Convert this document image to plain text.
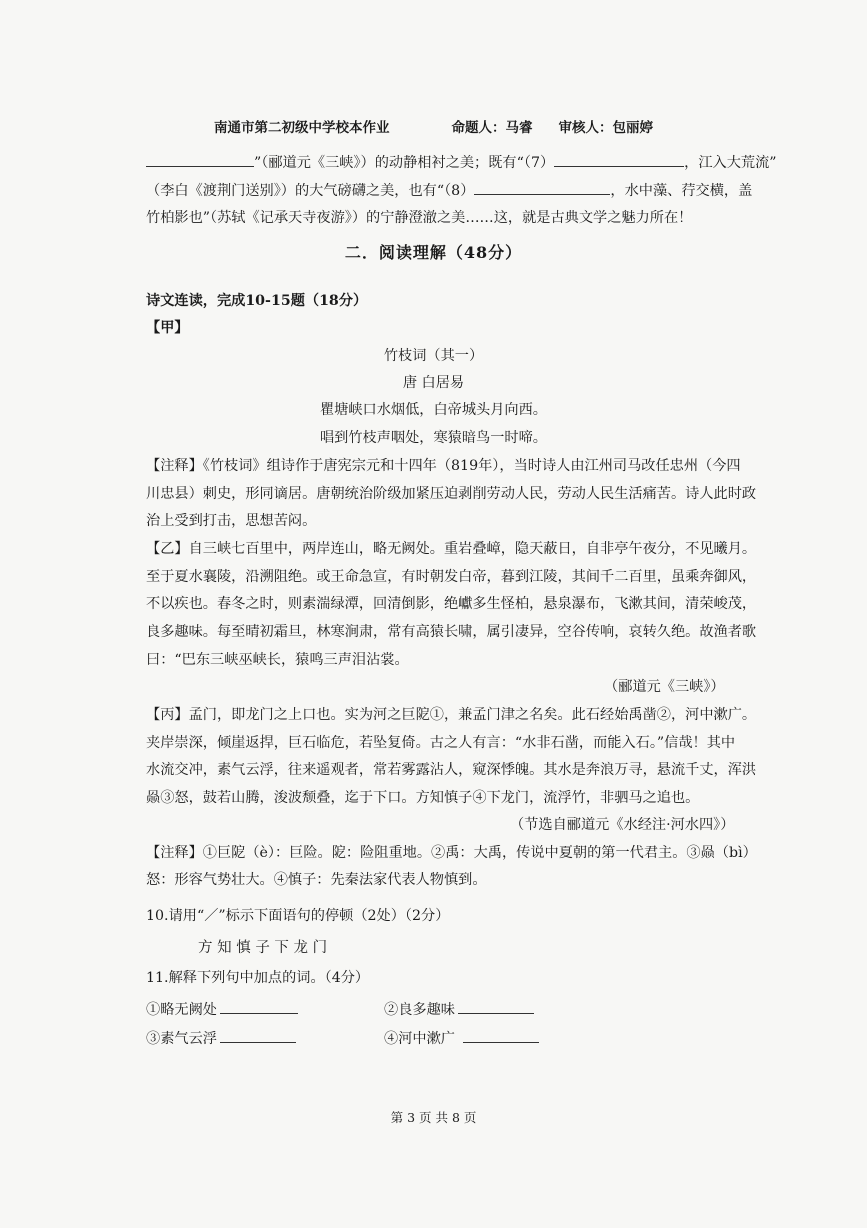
南通市第二初级中学校本作业	命题人：马睿 审核人：包丽婷
”（郦道元《三峡》）的动静相衬之美；既有“（7）	，江入大荒流”
（李白《渡荆门送别》）的大气磅礴之美，也有“（8）	，水中藻、荇交横，盖
竹柏影也”（苏轼《记承天寺夜游》）的宁静澄澈之美……这，就是古典文学之魅力所在！
二．阅读理解（48分）
诗文连读，完成10-15题（18分）
【甲】
竹枝词（其一）
唐 白居易
瞿塘峡口水烟低，白帝城头月向西。
唱到竹枝声咽处，寒猿暗鸟一时啼。
【注释】《竹枝词》组诗作于唐宪宗元和十四年（819年），当时诗人由江州司马改任忠州（今四
川忠县）刺史，形同谪居。唐朝统治阶级加紧压迫剥削劳动人民，劳动人民生活痛苦。诗人此时政
治上受到打击，思想苦闷。
【乙】自三峡七百里中，两岸连山，略无阙处。重岩叠嶂，隐天蔽日，自非亭午夜分，不见曦月。
至于夏水襄陵，沿溯阻绝。或王命急宣，有时朝发白帝，暮到江陵，其间千二百里，虽乘奔御风，
不以疾也。春冬之时，则素湍绿潭，回清倒影，绝巘多生怪柏，悬泉瀑布，飞漱其间，清荣峻茂，
良多趣味。每至晴初霜旦，林寒涧肃，常有高猿长啸，属引凄异，空谷传响，哀转久绝。故渔者歌
曰：“巴东三峡巫峡长，猿鸣三声泪沾裳。
（郦道元《三峡》）
【丙】孟门，即龙门之上口也。实为河之巨阸①，兼孟门津之名矣。此石经始禹凿②，河中漱广。
夹岸崇深，倾崖返捍，巨石临危，若坠复倚。古之人有言：“水非石凿，而能入石。”信哉！其中
水流交冲，素气云浮，往来遥观者，常若雾露沾人，窥深悸魄。其水是奔浪万寻，悬流千丈，浑洪
赑③怒，鼓若山腾，浚波颓叠，迄于下口。方知慎子④下龙门，流浮竹，非驷马之追也。
（节选自郦道元《水经注·河水四》）
【注释】①巨阸（è）：巨险。阸：险阻重地。②禹：大禹，传说中夏朝的第一代君主。③赑（bì）
怒：形容气势壮大。④慎子：先秦法家代表人物慎到。
10.请用“／”标示下面语句的停顿（2处）（2分）
方 知 慎 子 下 龙 门
11.解释下列句中加点的词。（4分）
①略无阙处	②良多趣味
③素气云浮	④河中漱广
第 3 页 共 8 页
